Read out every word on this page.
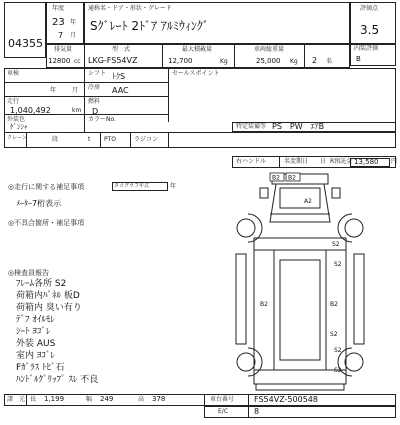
04355
年度
23 年
7 月
通称名・ドア・形状・グレード
Sｸﾞﾚｰﾄ 2ﾄﾞｱ ｱﾙﾐｳｨﾝｸﾞ
評価点
3.5
内装評価
B
排気量
12800 cc
型　式
LKG-FS54VZ
最大積載量
12,700	Kg
車両総重量
25,000 Kg 2 名
車検
年	月
シフト ﾄｸS	セールスポイント
冷房 AAC
走行
1,040,492	km
燃料
D
外装色
ｹﾞﾝｼｬ
カラーNo.
特定装備等 PS　PW　ｴｱB
クレーン	段	t PTO	ラジコン
右ハンドル	名変期日 日 R預託金 13,580 円
◎走行に関する補足事項	タコグラフ年式	年
ﾒｰﾀｰ7桁表示
◎不具合箇所・補足事項
◎検査員報告
ﾌﾚｰﾑ各所 S2
荷箱内ﾊﾟﾈﾙ 板D
荷箱内 臭い有り
ﾃﾞﾌ ｵｲﾙﾓﾚ
ｼｰﾄ ﾖｺﾞﾚ
外装 AUS
室内 ﾖｺﾞﾚ
Fｶﾞﾗｽ ﾄﾋﾞ石
ﾊﾝﾄﾞﾙｸﾞﾘｯﾌﾟ ｽﾚ 不良
B2 B2
A2
S2
B2	B2
S2
S2
S2
S2
諸　元 長 1,199	幅 249	高 378	車台番号 FS54VZ-500548
E/C	8
